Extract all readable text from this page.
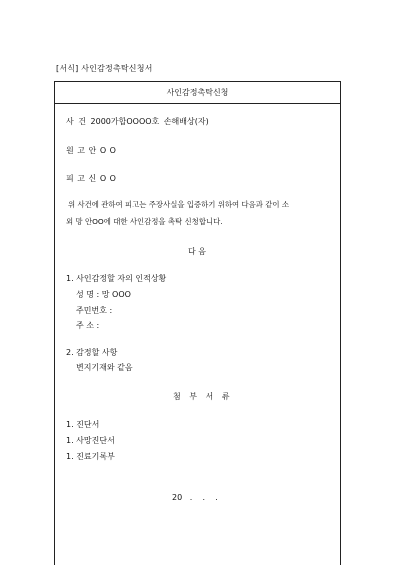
[서식] 사인감정촉탁신청서
사인감정촉탁신청
사 건 2000가합OOOO호 손해배상(자)
원 고 안 O O
피 고 신 O O
위 사건에 관하여 피고는 주장사실을 입증하기 위하여 다음과 같이 소
외 망 안OO에 대한 사인감정을 촉탁 신청합니다.
다 음
1. 사인감정할 자의 인적상황
성 명 : 망 OOO
주민번호 :
주 소 :
2. 감정할 사항
변지기재와 같음
첨 부 서 류
1. 진단서
1. 사망진단서
1. 진료기록부
20   .    .    .
